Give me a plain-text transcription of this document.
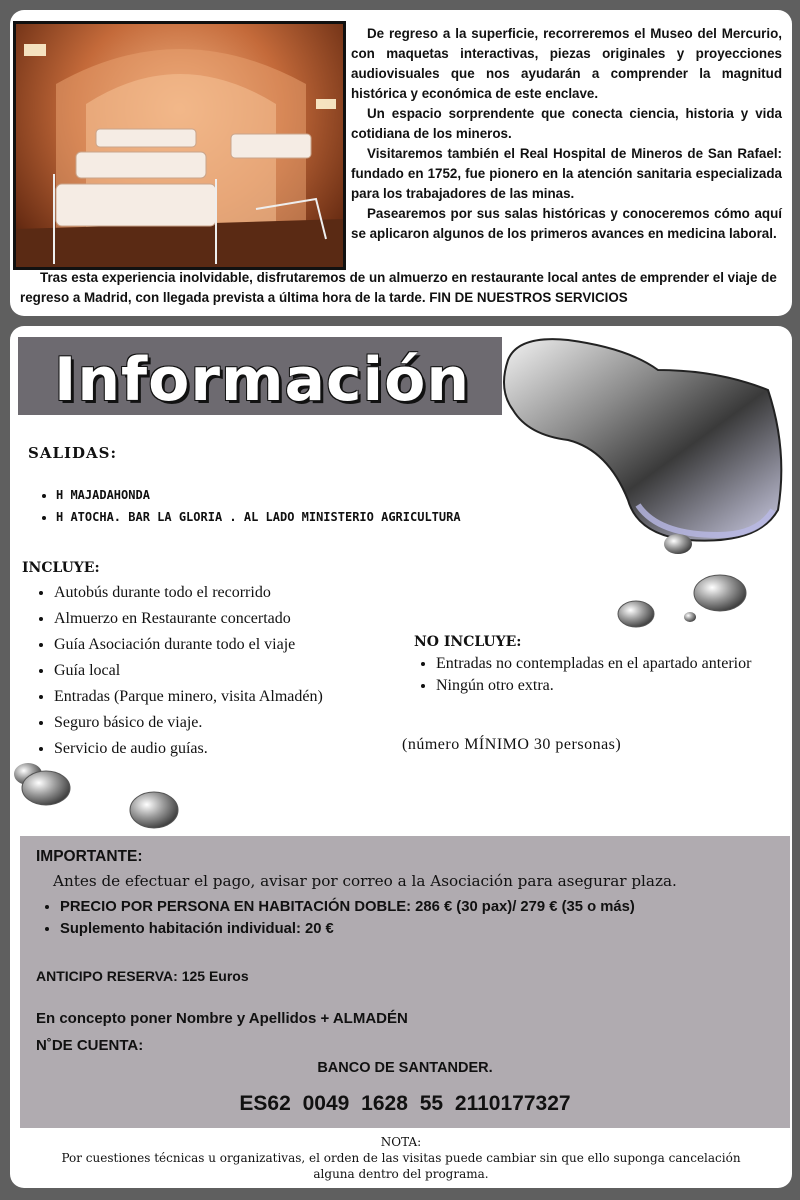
De regreso a la superficie, recorreremos el Museo del Mercurio, con maquetas interactivas, piezas originales y proyecciones audiovisuales que nos ayudarán a comprender la magnitud histórica y económica de este enclave.

Un espacio sorprendente que conecta ciencia, historia y vida cotidiana de los mineros.

Visitaremos también el Real Hospital de Mineros de San Rafael: fundado en 1752, fue pionero en la atención sanitaria especializada para los trabajadores de las minas.

Pasearemos por sus salas históricas y conoceremos cómo aquí se aplicaron algunos de los primeros avances en medicina laboral.

Tras esta experiencia inolvidable, disfrutaremos de un almuerzo en restaurante local antes de emprender el viaje de regreso a Madrid, con llegada prevista a última hora de la tarde. FIN DE NUESTROS SERVICIOS
Información
SALIDAS:
• H MAJADAHONDA
• H ATOCHA. BAR LA GLORIA . AL LADO MINISTERIO AGRICULTURA
INCLUYE:
• Autobús durante todo el recorrido
• Almuerzo en Restaurante concertado
• Guía Asociación durante todo el viaje
• Guía local
• Entradas (Parque minero, visita Almadén)
• Seguro básico de viaje.
• Servicio de audio guías.
NO INCLUYE:
• Entradas no contempladas en el apartado anterior
• Ningún otro extra.
(número MÍNIMO 30 personas)
IMPORTANTE:
Antes de efectuar el pago, avisar por correo a la Asociación para asegurar plaza.
• PRECIO POR PERSONA EN HABITACIÓN DOBLE: 286 € (30 pax)/ 279 € (35 o más)
• Suplemento habitación individual: 20 €
ANTICIPO RESERVA: 125 Euros
En concepto poner Nombre y Apellidos + ALMADÉN
N˚DE CUENTA:
BANCO DE SANTANDER.
ES62 0049 1628 55 2110177327
NOTA:
Por cuestiones técnicas u organizativas, el orden de las visitas puede cambiar sin que ello suponga cancelación alguna dentro del programa.
